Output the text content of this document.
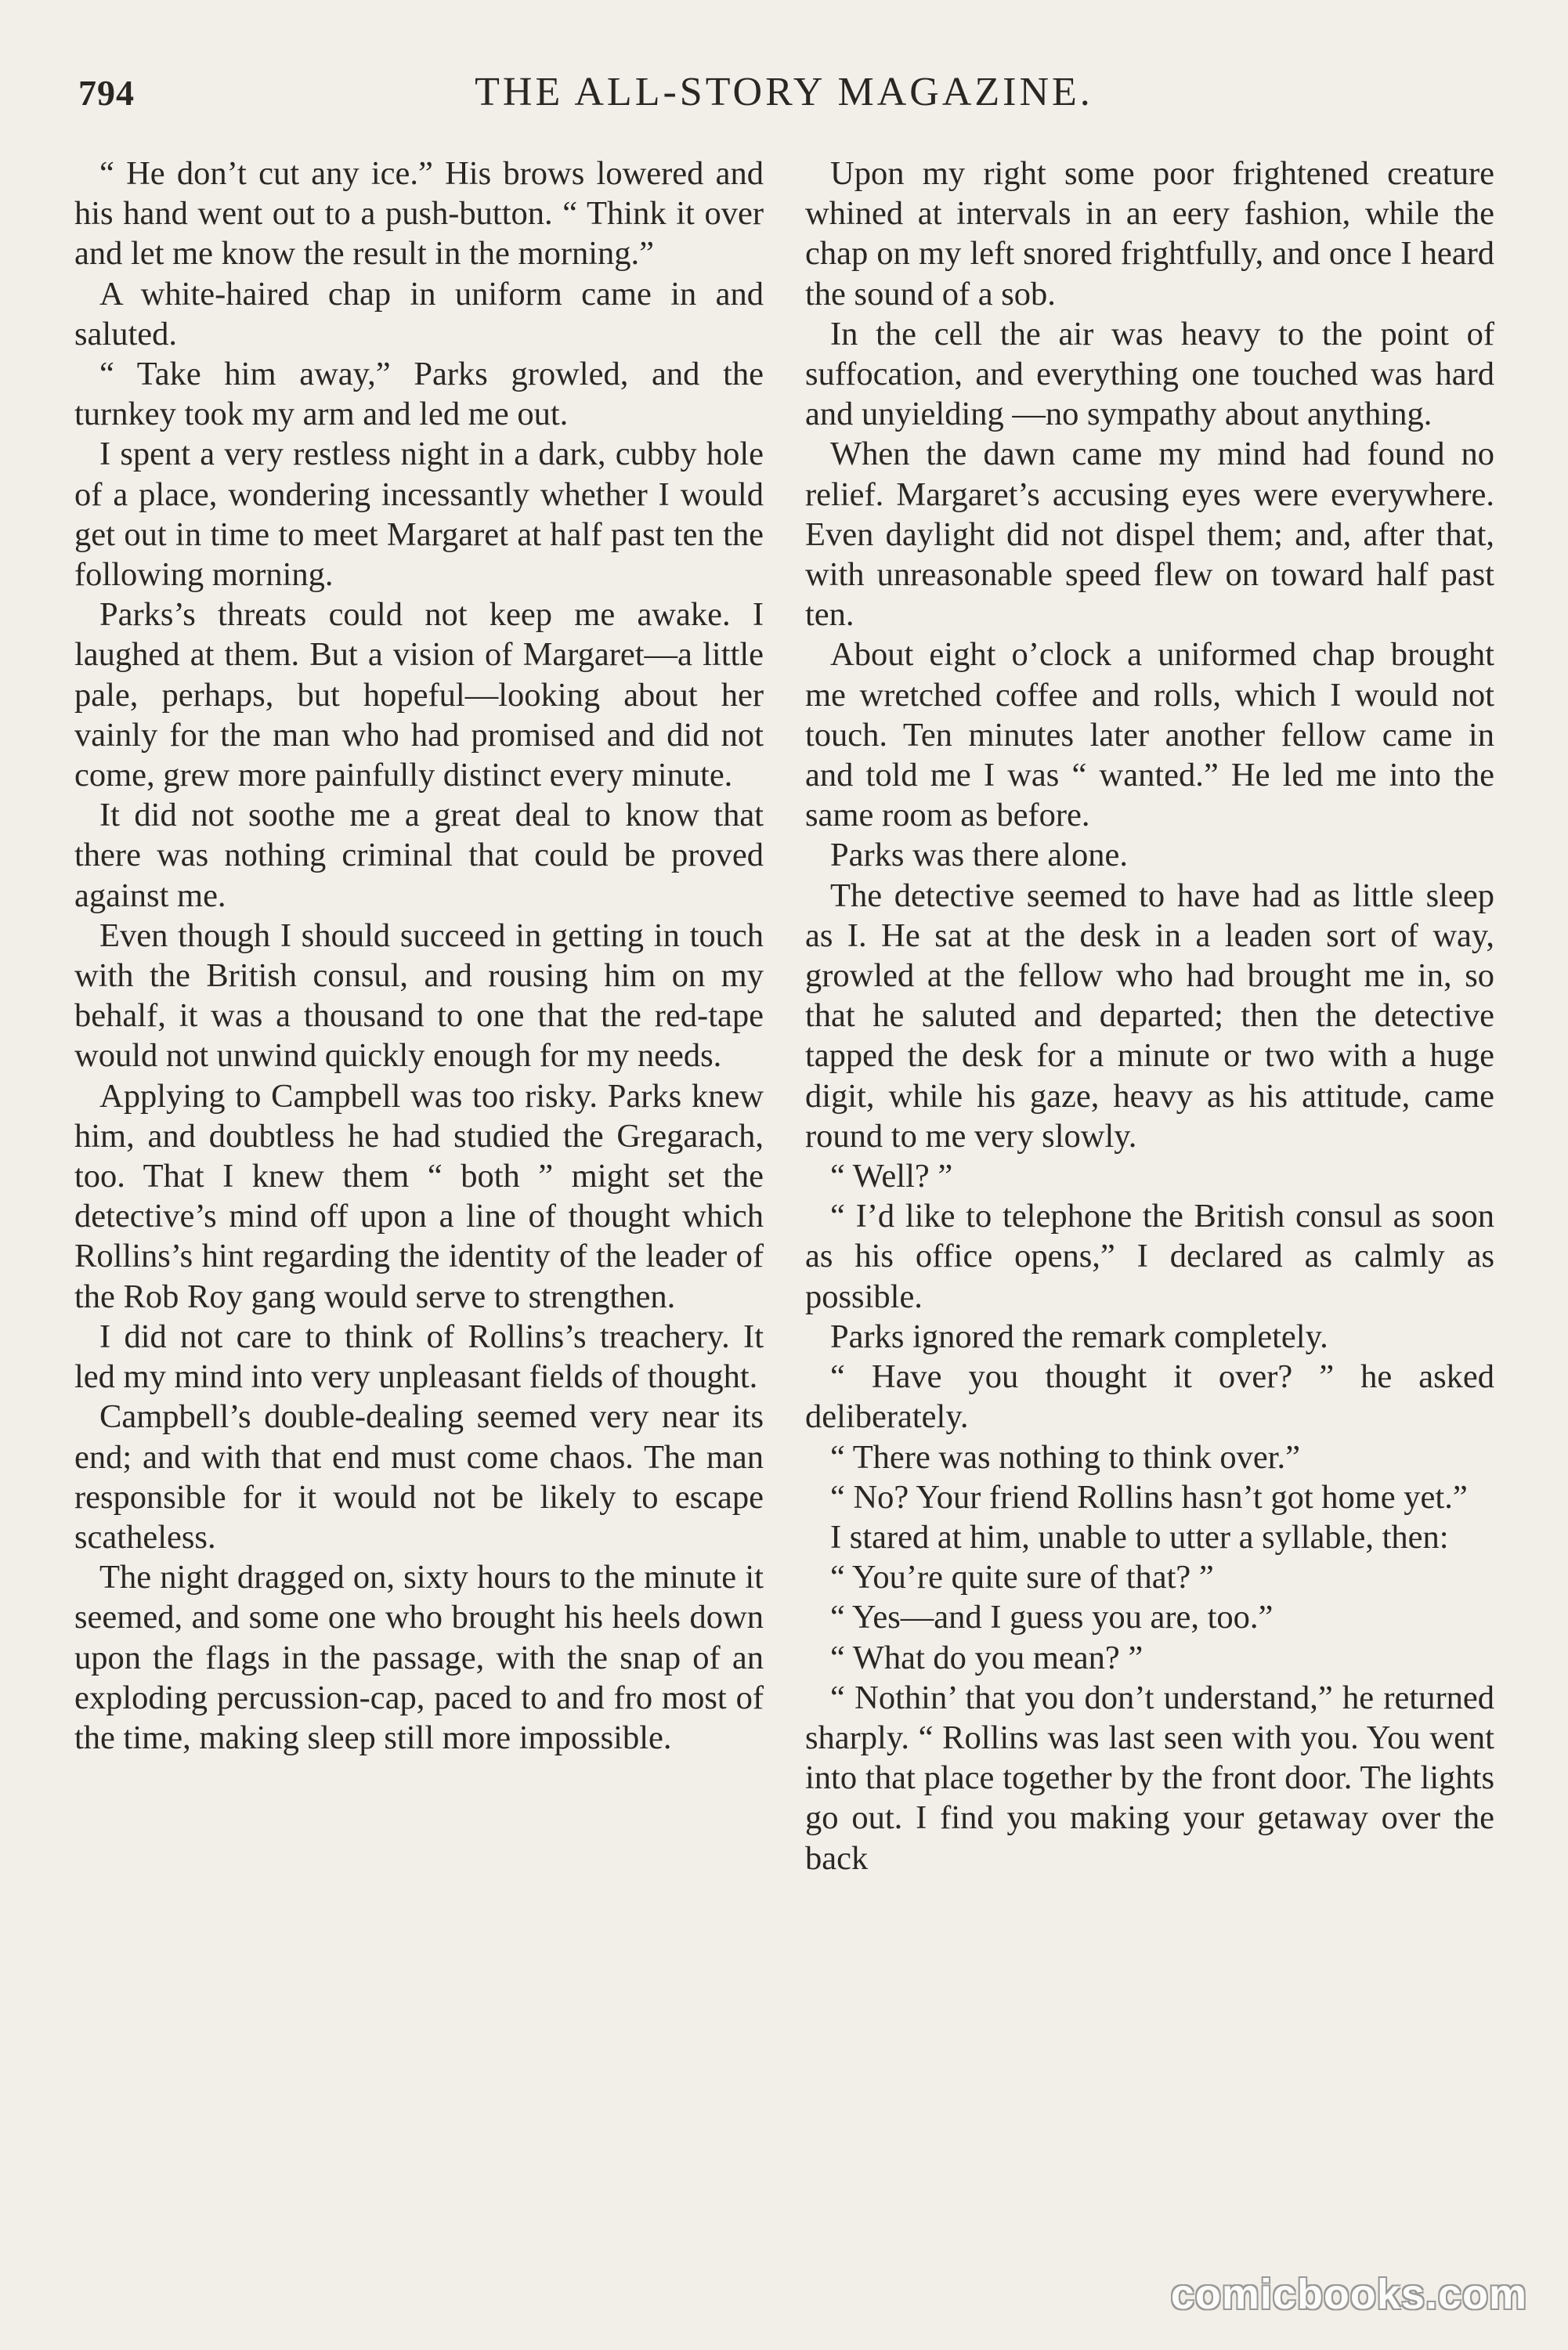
794	THE ALL-STORY MAGAZINE.

“ He don’t cut any ice.” His brows lowered and his hand went out to a push-button. “ Think it over and let me know the result in the morning.”

A white-haired chap in uniform came in and saluted.

“ Take him away,” Parks growled, and the turnkey took my arm and led me out.

I spent a very restless night in a dark, cubby hole of a place, wondering incessantly whether I would get out in time to meet Margaret at half past ten the following morning.

Parks’s threats could not keep me awake. I laughed at them. But a vision of Margaret—a little pale, perhaps, but hopeful—looking about her vainly for the man who had promised and did not come, grew more painfully distinct every minute.

It did not soothe me a great deal to know that there was nothing criminal that could be proved against me.

Even though I should succeed in getting in touch with the British consul, and rousing him on my behalf, it was a thousand to one that the red-tape would not unwind quickly enough for my needs.

Applying to Campbell was too risky. Parks knew him, and doubtless he had studied the Gregarach, too. That I knew them “ both ” might set the detective’s mind off upon a line of thought which Rollins’s hint regarding the identity of the leader of the Rob Roy gang would serve to strengthen.

I did not care to think of Rollins’s treachery. It led my mind into very unpleasant fields of thought.

Campbell’s double-dealing seemed very near its end; and with that end must come chaos. The man responsible for it would not be likely to escape scatheless.

The night dragged on, sixty hours to the minute it seemed, and some one who brought his heels down upon the flags in the passage, with the snap of an exploding percussion-cap, paced to and fro most of the time, making sleep still more impossible.

Upon my right some poor frightened creature whined at intervals in an eery fashion, while the chap on my left snored frightfully, and once I heard the sound of a sob.

In the cell the air was heavy to the point of suffocation, and everything one touched was hard and unyielding —no sympathy about anything.

When the dawn came my mind had found no relief. Margaret’s accusing eyes were everywhere. Even daylight did not dispel them; and, after that, with unreasonable speed flew on toward half past ten.

About eight o’clock a uniformed chap brought me wretched coffee and rolls, which I would not touch. Ten minutes later another fellow came in and told me I was “ wanted.” He led me into the same room as before.

Parks was there alone.

The detective seemed to have had as little sleep as I. He sat at the desk in a leaden sort of way, growled at the fellow who had brought me in, so that he saluted and departed; then the detective tapped the desk for a minute or two with a huge digit, while his gaze, heavy as his attitude, came round to me very slowly.

“ Well? ”

“ I’d like to telephone the British consul as soon as his office opens,” I declared as calmly as possible.

Parks ignored the remark completely.

“ Have you thought it over? ” he asked deliberately.

“ There was nothing to think over.”

“ No? Your friend Rollins hasn’t got home yet.”

I stared at him, unable to utter a syllable, then:

“ You’re quite sure of that? ”

“ Yes—and I guess you are, too.”

“ What do you mean? ”

“ Nothin’ that you don’t understand,” he returned sharply. “ Rollins was last seen with you. You went into that place together by the front door. The lights go out. I find you making your getaway over the back

comicbooks.com
